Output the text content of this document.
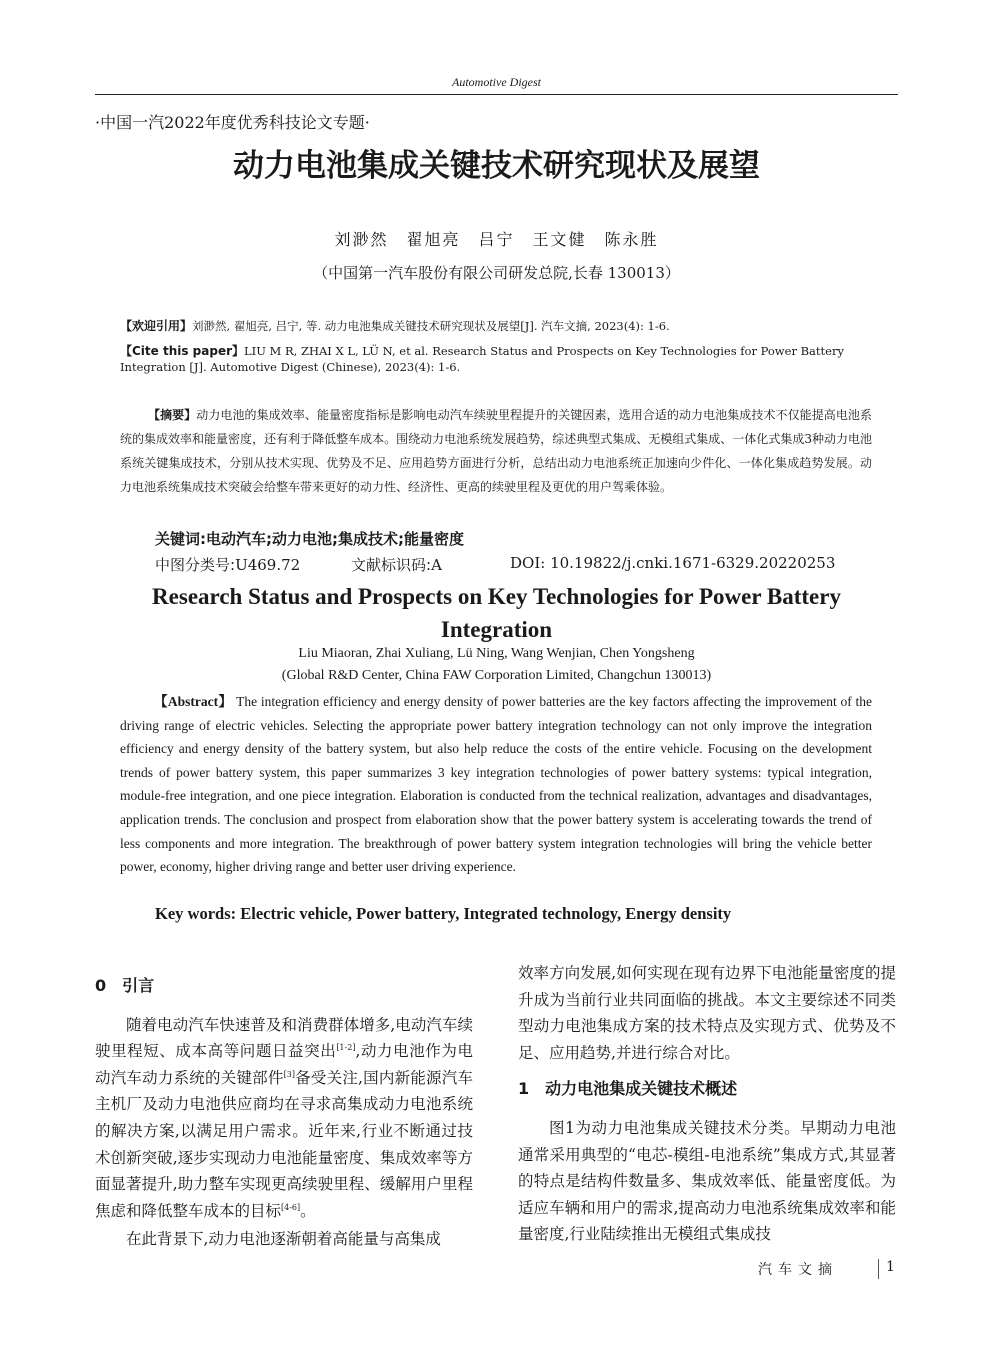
Automotive Digest
·中国一汽2022年度优秀科技论文专题·
动力电池集成关键技术研究现状及展望
刘渺然　翟旭亮　吕宁　王文健　陈永胜
（中国第一汽车股份有限公司研发总院,长春 130013）
【欢迎引用】刘渺然, 翟旭亮, 吕宁, 等. 动力电池集成关键技术研究现状及展望[J]. 汽车文摘, 2023(4): 1-6.
【Cite this paper】LIU M R, ZHAI X L, LÜ N, et al. Research Status and Prospects on Key Technologies for Power Battery Integration [J]. Automotive Digest (Chinese), 2023(4): 1-6.
【摘要】动力电池的集成效率、能量密度指标是影响电动汽车续驶里程提升的关键因素，选用合适的动力电池集成技术不仅能提高电池系统的集成效率和能量密度，还有利于降低整车成本。围绕动力电池系统发展趋势，综述典型式集成、无模组式集成、一体化式集成3种动力电池系统关键集成技术，分别从技术实现、优势及不足、应用趋势方面进行分析，总结出动力电池系统正加速向少件化、一体化集成趋势发展。动力电池系统集成技术突破会给整车带来更好的动力性、经济性、更高的续驶里程及更优的用户驾乘体验。
关键词:电动汽车;动力电池;集成技术;能量密度
中图分类号:U469.72	文献标识码:A	DOI: 10.19822/j.cnki.1671-6329.20220253
Research Status and Prospects on Key Technologies for Power Battery Integration
Liu Miaoran, Zhai Xuliang, Lü Ning, Wang Wenjian, Chen Yongsheng
(Global R&D Center, China FAW Corporation Limited, Changchun 130013)
【Abstract】 The integration efficiency and energy density of power batteries are the key factors affecting the improvement of the driving range of electric vehicles. Selecting the appropriate power battery integration technology can not only improve the integration efficiency and energy density of the battery system, but also help reduce the costs of the entire vehicle. Focusing on the development trends of power battery system, this paper summarizes 3 key integration technologies of power battery systems: typical integration, module-free integration, and one piece integration. Elaboration is conducted from the technical realization, advantages and disadvantages, application trends. The conclusion and prospect from elaboration show that the power battery system is accelerating towards the trend of less components and more integration. The breakthrough of power battery system integration technologies will bring the vehicle better power, economy, higher driving range and better user driving experience.
Key words: Electric vehicle, Power battery, Integrated technology, Energy density
0　引言

随着电动汽车快速普及和消费群体增多,电动汽车续驶里程短、成本高等问题日益突出[1-2],动力电池作为电动汽车动力系统的关键部件[3]备受关注,国内新能源汽车主机厂及动力电池供应商均在寻求高集成动力电池系统的解决方案,以满足用户需求。近年来,行业不断通过技术创新突破,逐步实现动力电池能量密度、集成效率等方面显著提升,助力整车实现更高续驶里程、缓解用户里程焦虑和降低整车成本的目标[4-6]。

在此背景下,动力电池逐渐朝着高能量与高集成

效率方向发展,如何实现在现有边界下电池能量密度的提升成为当前行业共同面临的挑战。本文主要综述不同类型动力电池集成方案的技术特点及实现方式、优势及不足、应用趋势,并进行综合对比。

1　动力电池集成关键技术概述

图1为动力电池集成关键技术分类。早期动力电池通常采用典型的“电芯-模组-电池系统”集成方式,其显著的特点是结构件数量多、集成效率低、能量密度低。为适应车辆和用户的需求,提高动力电池系统集成效率和能量密度,行业陆续推出无模组式集成技

汽车文摘	1
